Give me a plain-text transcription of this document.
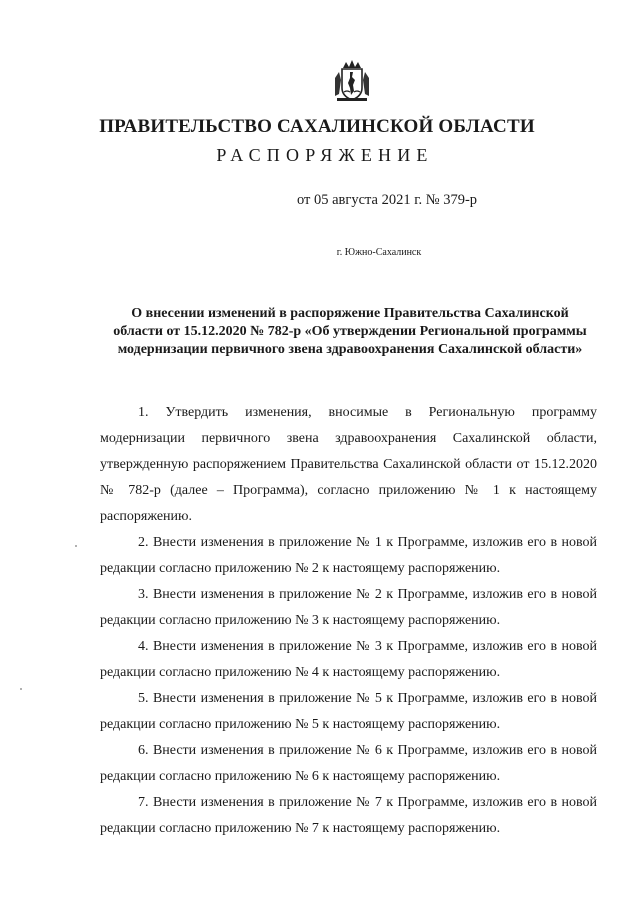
ПРАВИТЕЛЬСТВО САХАЛИНСКОЙ ОБЛАСТИ
РАСПОРЯЖЕНИЕ
от 05 августа 2021 г. № 379-р
г. Южно-Сахалинск
О внесении изменений в распоряжение Правительства Сахалинской области от 15.12.2020 № 782-р «Об утверждении Региональной программы модернизации первичного звена здравоохранения Сахалинской области»

1. Утвердить изменения, вносимые в Региональную программу модернизации первичного звена здравоохранения Сахалинской области, утвержденную распоряжением Правительства Сахалинской области от 15.12.2020 № 782-р (далее – Программа), согласно приложению № 1 к настоящему распоряжению.

2. Внести изменения в приложение № 1 к Программе, изложив его в новой редакции согласно приложению № 2 к настоящему распоряжению.

3. Внести изменения в приложение № 2 к Программе, изложив его в новой редакции согласно приложению № 3 к настоящему распоряжению.

4. Внести изменения в приложение № 3 к Программе, изложив его в новой редакции согласно приложению № 4 к настоящему распоряжению.

5. Внести изменения в приложение № 5 к Программе, изложив его в новой редакции согласно приложению № 5 к настоящему распоряжению.

6. Внести изменения в приложение № 6 к Программе, изложив его в новой редакции согласно приложению № 6 к настоящему распоряжению.

7. Внести изменения в приложение № 7 к Программе, изложив его в новой редакции согласно приложению № 7 к настоящему распоряжению.
